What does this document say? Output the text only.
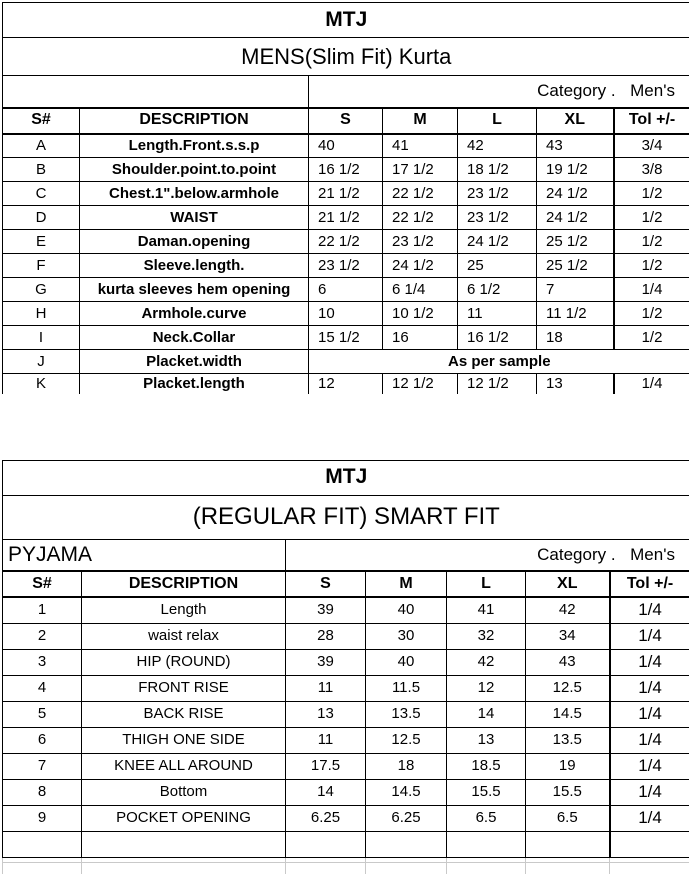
MTJ						
MENS(Slim Fit) Kurta						

		Category . Men's				

S#	DESCRIPTION	S	M	L	XL	Tol +/-
A	Length.Front.s.s.p	40	41	42	43	3/4
B	Shoulder.point.to.point	16 1/2	17 1/2	18 1/2	19 1/2	3/8
C	Chest.1".below.armhole	21 1/2	22 1/2	23 1/2	24 1/2	1/2
D	WAIST	21 1/2	22 1/2	23 1/2	24 1/2	1/2
E	Daman.opening	22 1/2	23 1/2	24 1/2	25 1/2	1/2
F	Sleeve.length.	23 1/2	24 1/2	25	25 1/2	1/2
G	kurta sleeves hem opening	6	6 1/4	6 1/2	7	1/4
H	Armhole.curve	10	10 1/2	11	11 1/2	1/2
I	Neck.Collar	15 1/2	16	16 1/2	18	1/2
J	Placket.width	As per sample				
K	Placket.length	12	12 1/2	12 1/2	13	1/4
MTJ						
(REGULAR FIT) SMART FIT						
PYJAMA		Category . Men's				

S#	DESCRIPTION	S	M	L	XL	Tol +/-
1	Length	39	40	41	42	1/4
2	waist relax	28	30	32	34	1/4
3	HIP (ROUND)	39	40	42	43	1/4
4	FRONT RISE	11	11.5	12	12.5	1/4
5	BACK RISE	13	13.5	14	14.5	1/4
6	THIGH ONE SIDE	11	12.5	13	13.5	1/4
7	KNEE ALL AROUND	17.5	18	18.5	19	1/4
8	Bottom	14	14.5	15.5	15.5	1/4
9	POCKET OPENING	6.25	6.25	6.5	6.5	1/4
